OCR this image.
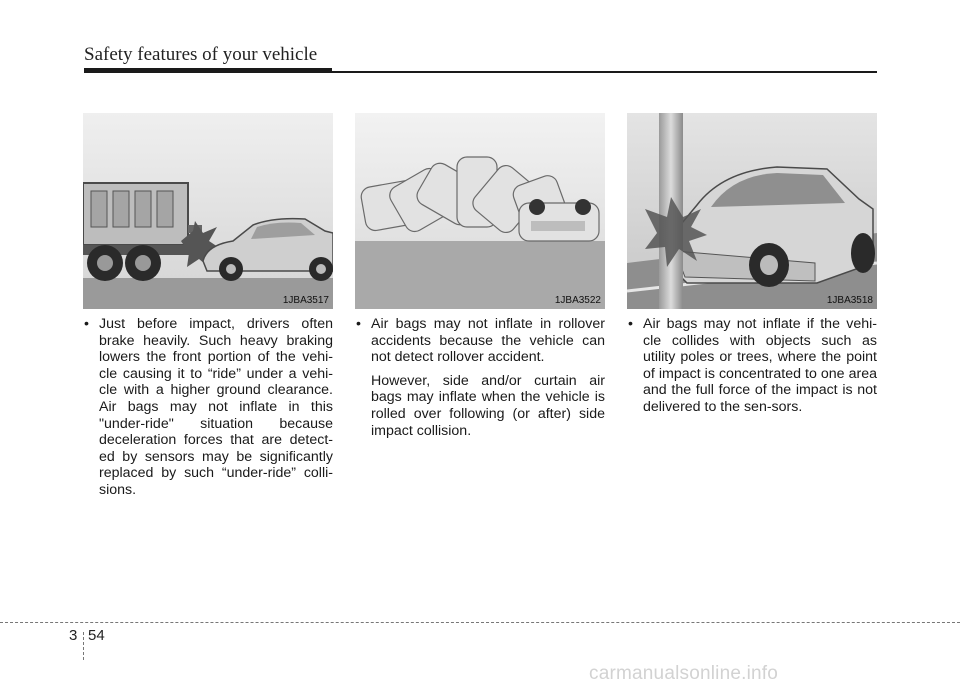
Safety features of your vehicle
1JBA3517	1JBA3522	1JBA3518
• Just before impact, drivers often brake heavily. Such heavy braking lowers the front portion of the vehi-cle causing it to “ride” under a vehi-cle with a higher ground clearance. Air bags may not inflate in this "under-ride" situation because deceleration forces that are detect-ed by sensors may be significantly replaced by such “under-ride” colli-sions.
• Air bags may not inflate in rollover accidents because the vehicle can not detect rollover accident.
However, side and/or curtain air bags may inflate when the vehicle is rolled over following (or after) side impact collision.
• Air bags may not inflate if the vehi-cle collides with objects such as utility poles or trees, where the point of impact is concentrated to one area and the full force of the impact is not delivered to the sen-sors.
3 54
carmanualsonline.info
